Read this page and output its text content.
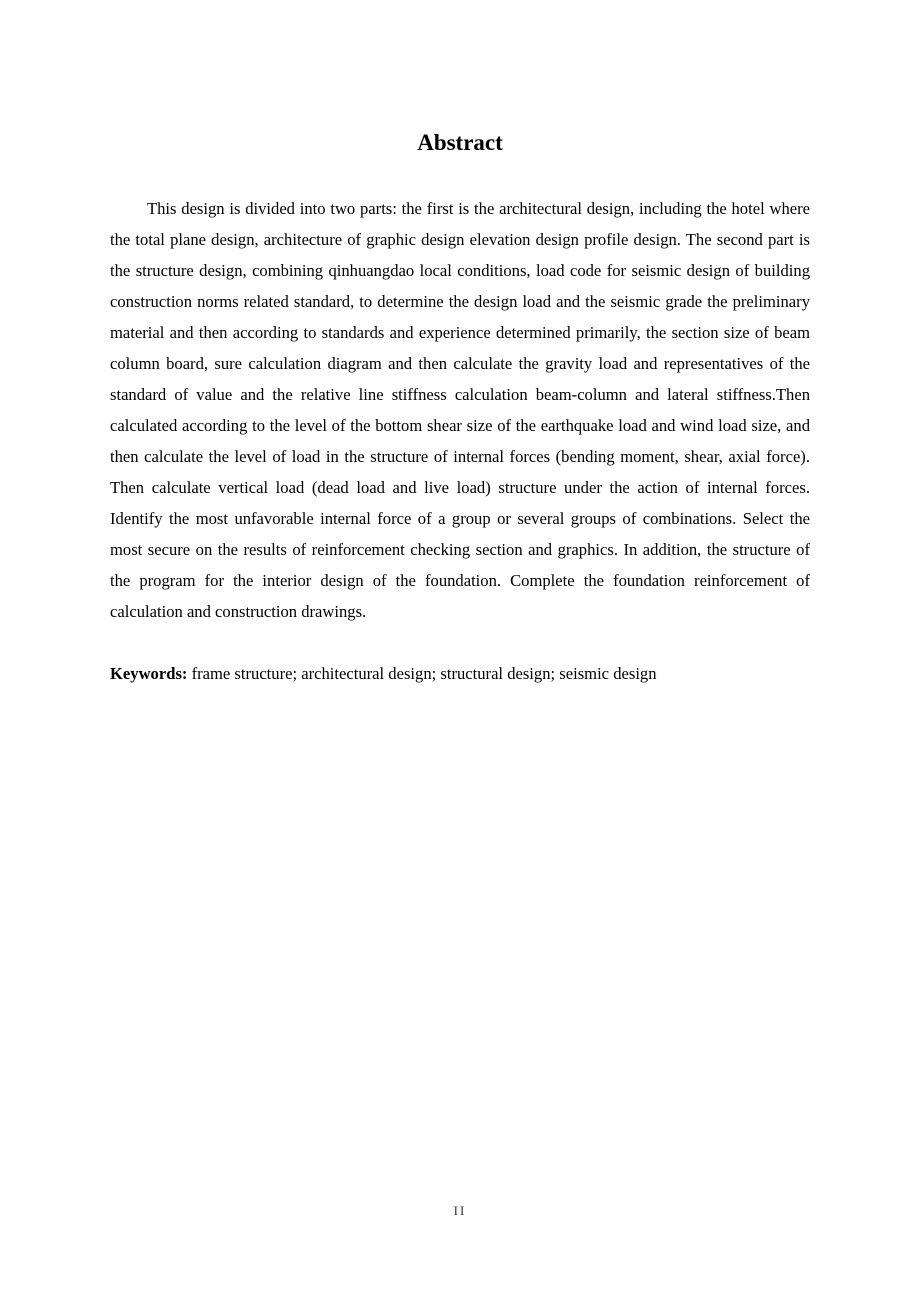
Abstract

This design is divided into two parts: the first is the architectural design, including the hotel where the total plane design, architecture of graphic design elevation design profile design. The second part is the structure design, combining qinhuangdao local conditions, load code for seismic design of building construction norms related standard, to determine the design load and the seismic grade the preliminary material and then according to standards and experience determined primarily, the section size of beam column board, sure calculation diagram and then calculate the gravity load and representatives of the standard of value and the relative line stiffness calculation beam-column and lateral stiffness.Then calculated according to the level of the bottom shear size of the earthquake load and wind load size, and then calculate the level of load in the structure of internal forces (bending moment, shear, axial force). Then calculate vertical load (dead load and live load) structure under the action of internal forces. Identify the most unfavorable internal force of a group or several groups of combinations. Select the most secure on the results of reinforcement checking section and graphics. In addition, the structure of the program for the interior design of the foundation. Complete the foundation reinforcement of calculation and construction drawings.

Keywords: frame structure; architectural design; structural design; seismic design

II
